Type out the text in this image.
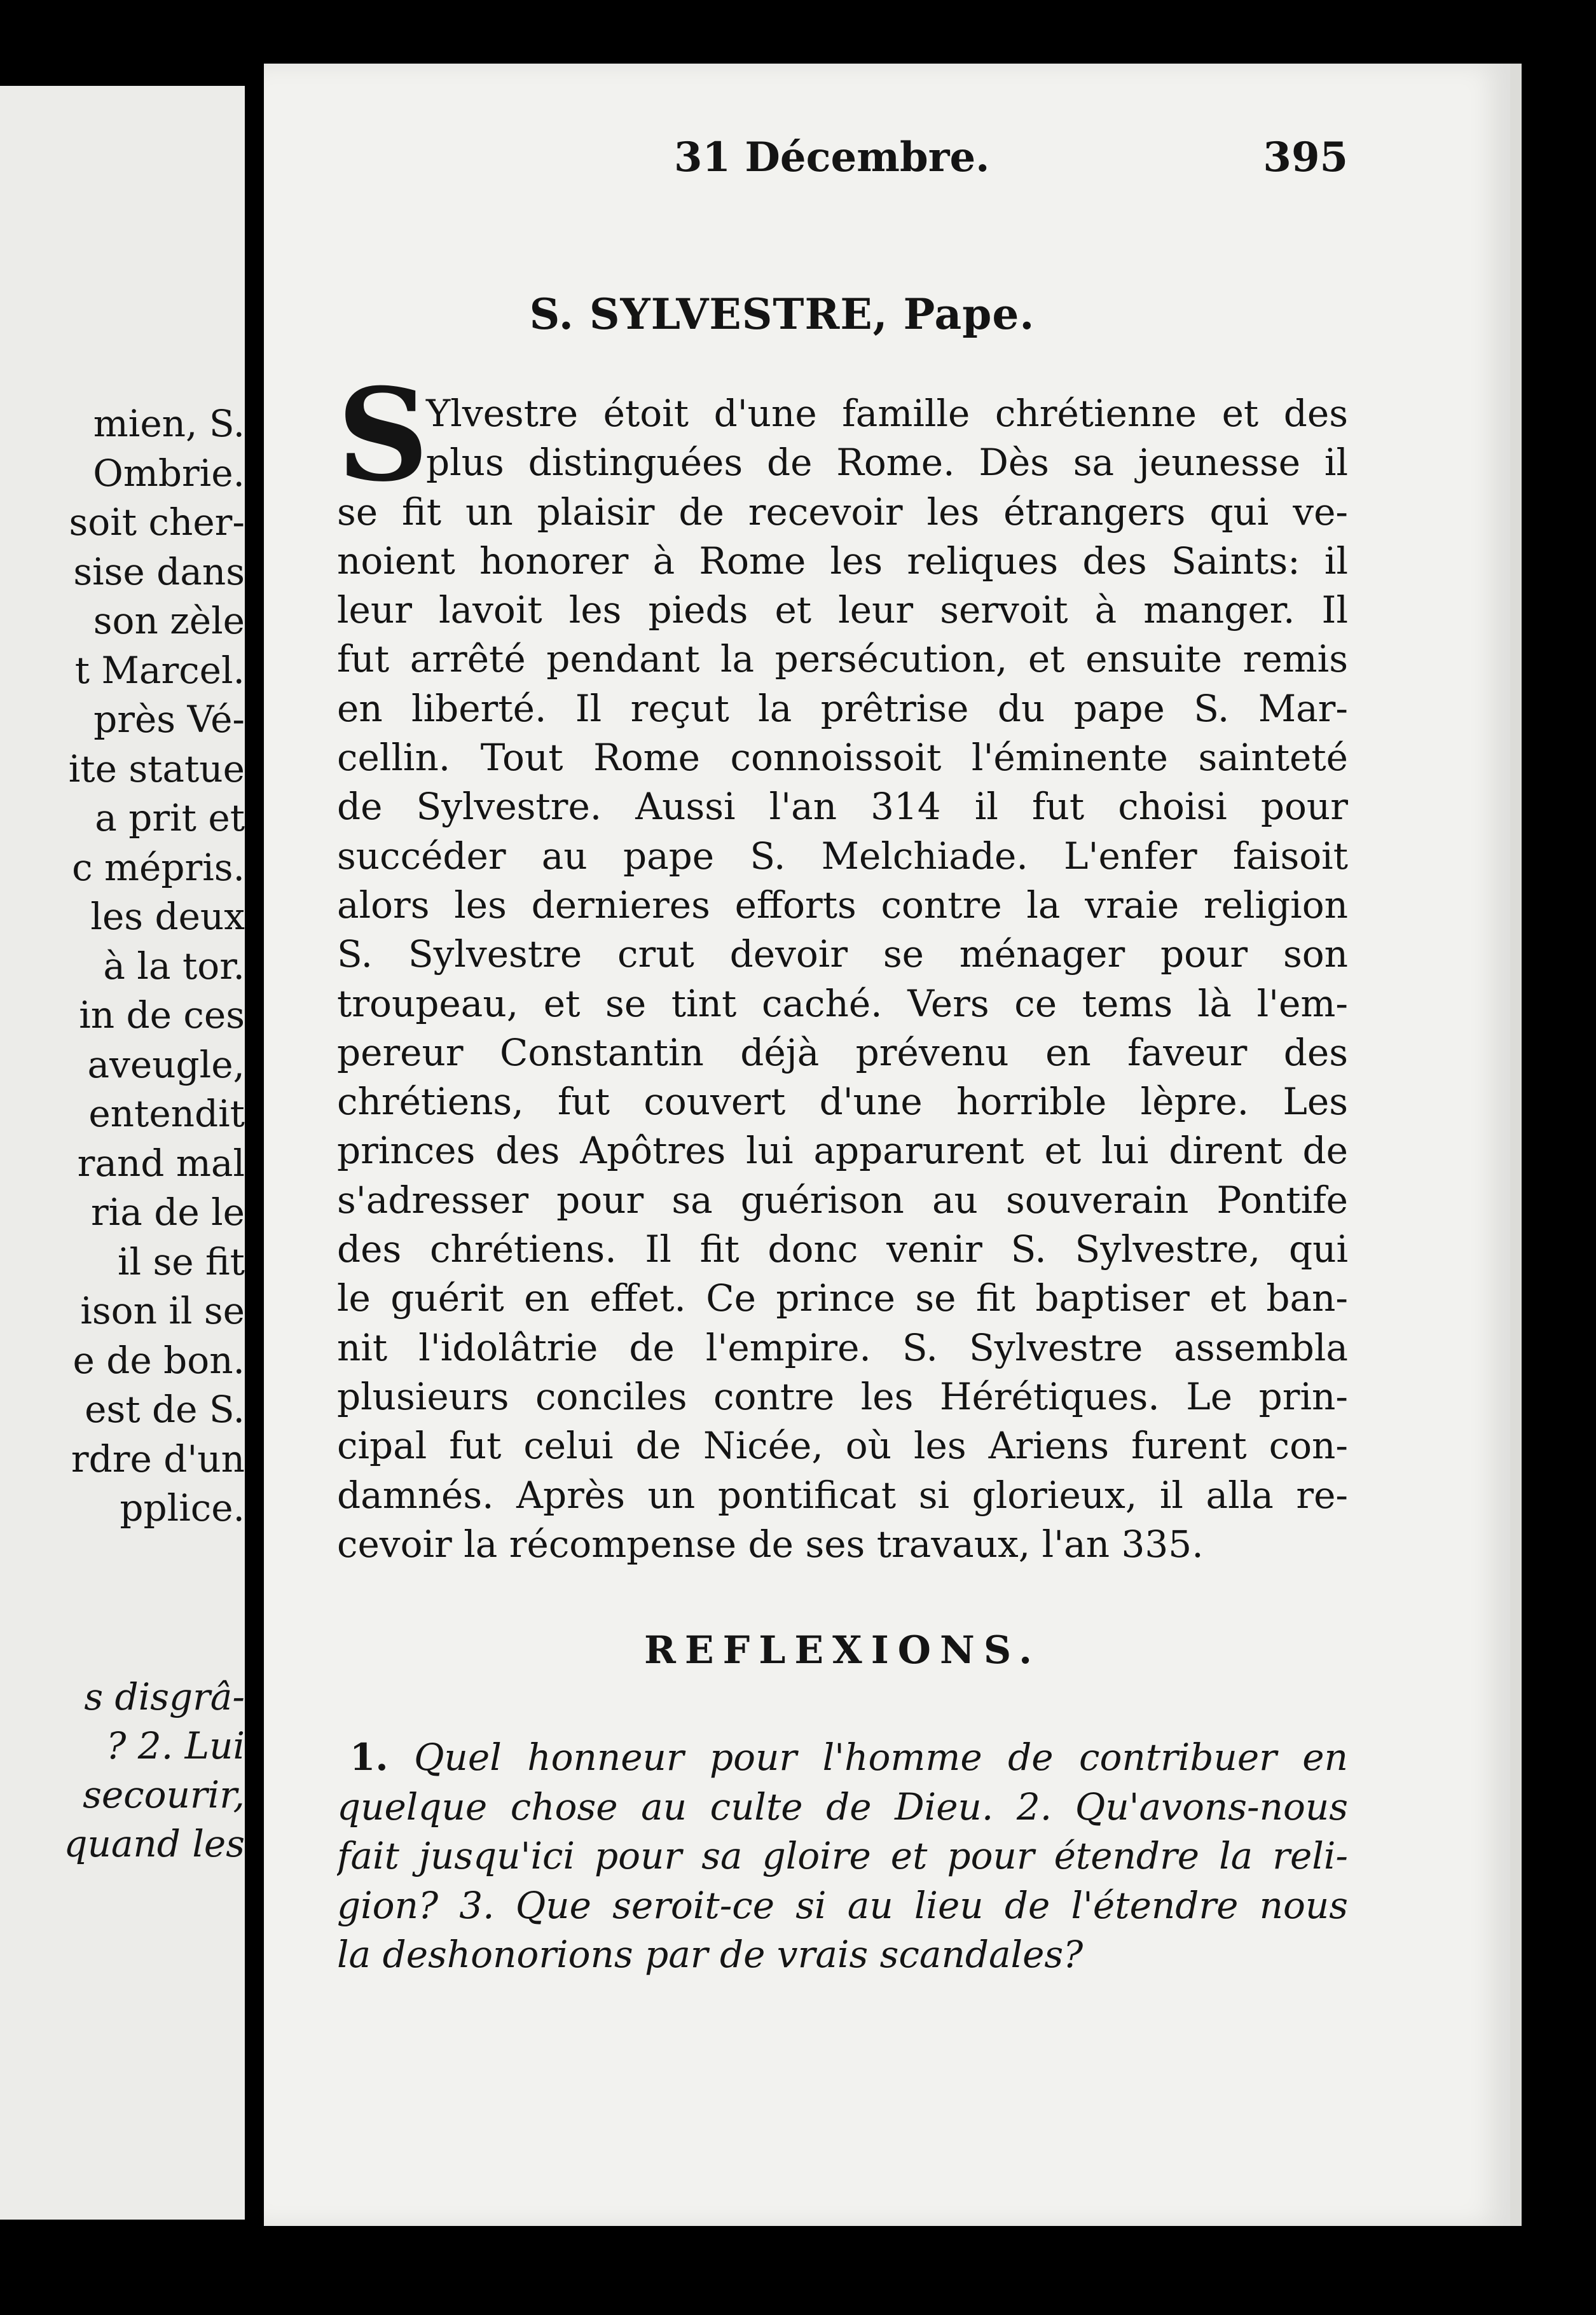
mien, S.
Ombrie.
soit cher-
sise dans
son zèle
t Marcel.
près Vé-
ite statue
a prit et
c mépris.
les deux
à la tor.
in de ces
aveugle,
entendit
rand mal
ria de le
il se fit
ison il se
e de bon.
est de S.
rdre d'un
pplice.
s disgrâ-
? 2. Lui
secourir,
quand les
31 Décembre.	395
S. SYLVESTRE, Pape.
S
Ylvestre étoit d'une famille chrétienne et des
plus distinguées de Rome. Dès sa jeunesse il
se fit un plaisir de recevoir les étrangers qui ve-
noient honorer à Rome les reliques des Saints: il
leur lavoit les pieds et leur servoit à manger. Il
fut arrêté pendant la persécution, et ensuite remis
en liberté. Il reçut la prêtrise du pape S. Mar-
cellin. Tout Rome connoissoit l'éminente sainteté
de Sylvestre. Aussi l'an 314 il fut choisi pour
succéder au pape S. Melchiade. L'enfer faisoit
alors les dernieres efforts contre la vraie religion
S. Sylvestre crut devoir se ménager pour son
troupeau, et se tint caché. Vers ce tems là l'em-
pereur Constantin déjà prévenu en faveur des
chrétiens, fut couvert d'une horrible lèpre. Les
princes des Apôtres lui apparurent et lui dirent de
s'adresser pour sa guérison au souverain Pontife
des chrétiens. Il fit donc venir S. Sylvestre, qui
le guérit en effet. Ce prince se fit baptiser et ban-
nit l'idolâtrie de l'empire. S. Sylvestre assembla
plusieurs conciles contre les Hérétiques. Le prin-
cipal fut celui de Nicée, où les Ariens furent con-
damnés. Après un pontificat si glorieux, il alla re-
cevoir la récompense de ses travaux, l'an 335.
REFLEXIONS.
1. Quel honneur pour l'homme de contribuer en
quelque chose au culte de Dieu. 2. Qu'avons-nous
fait jusqu'ici pour sa gloire et pour étendre la reli-
gion? 3. Que seroit-ce si au lieu de l'étendre nous
la deshonorions par de vrais scandales?
